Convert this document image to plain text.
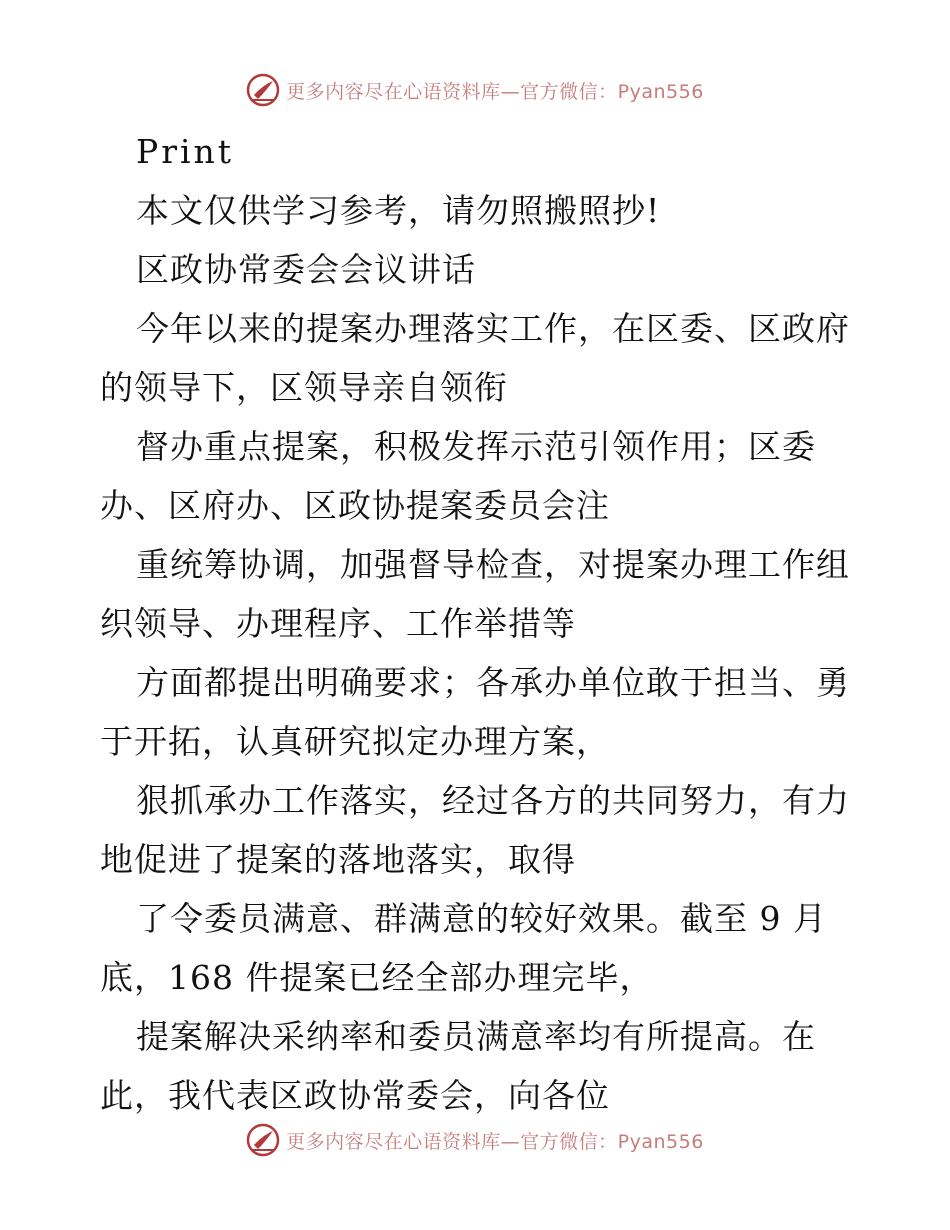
更多内容尽在心语资料库—官方微信：Pyan556
Print
本文仅供学习参考，请勿照搬照抄!
区政协常委会会议讲话
今年以来的提案办理落实工作，在区委、区政府
的领导下，区领导亲自领衔
督办重点提案，积极发挥示范引领作用；区委
办、区府办、区政协提案委员会注
重统筹协调，加强督导检查，对提案办理工作组
织领导、办理程序、工作举措等
方面都提出明确要求；各承办单位敢于担当、勇
于开拓，认真研究拟定办理方案，
狠抓承办工作落实，经过各方的共同努力，有力
地促进了提案的落地落实，取得
了令委员满意、群满意的较好效果。截至 9 月
底，168 件提案已经全部办理完毕，
提案解决采纳率和委员满意率均有所提高。在
此，我代表区政协常委会，向各位
更多内容尽在心语资料库—官方微信：Pyan556
